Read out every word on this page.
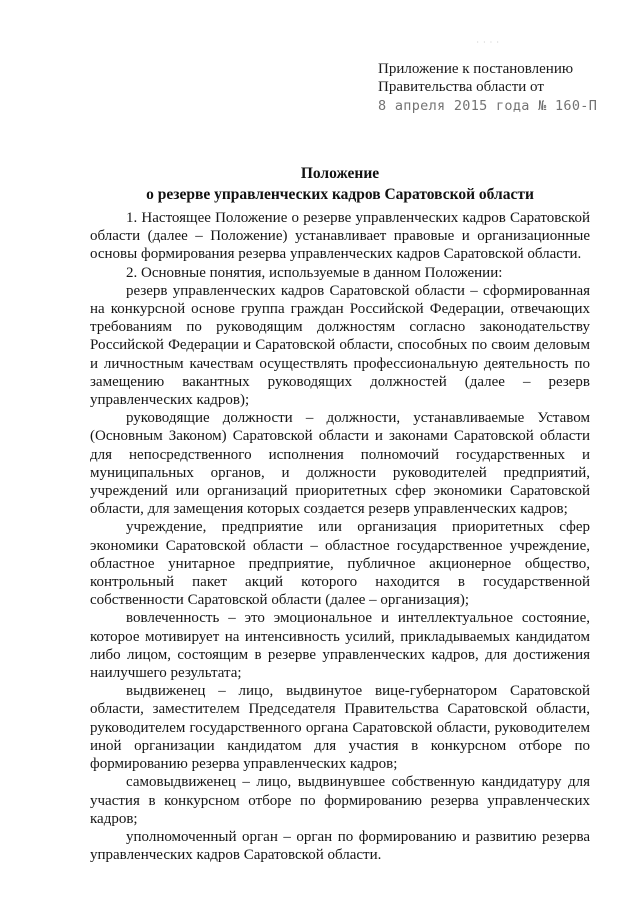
· · · ·
Приложение к постановлению
Правительства области от
8 апреля 2015 года № 160-П
Положение
о резерве управленческих кадров Саратовской области

1. Настоящее Положение о резерве управленческих кадров Саратовской области (далее – Положение) устанавливает правовые и организационные основы формирования резерва управленческих кадров Саратовской области.

2. Основные понятия, используемые в данном Положении:

резерв управленческих кадров Саратовской области – сформированная на конкурсной основе группа граждан Российской Федерации, отвечающих требованиям по руководящим должностям согласно законодательству Российской Федерации и Саратовской области, способных по своим деловым и личностным качествам осуществлять профессиональную деятельность по замещению вакантных руководящих должностей (далее – резерв управленческих кадров);

руководящие должности – должности, устанавливаемые Уставом (Основным Законом) Саратовской области и законами Саратовской области для непосредственного исполнения полномочий государственных и муниципальных органов, и должности руководителей предприятий, учреждений или организаций приоритетных сфер экономики Саратовской области, для замещения которых создается резерв управленческих кадров;

учреждение, предприятие или организация приоритетных сфер экономики Саратовской области – областное государственное учреждение, областное унитарное предприятие, публичное акционерное общество, контрольный пакет акций которого находится в государственной собственности Саратовской области (далее – организация);

вовлеченность – это эмоциональное и интеллектуальное состояние, которое мотивирует на интенсивность усилий, прикладываемых кандидатом либо лицом, состоящим в резерве управленческих кадров, для достижения наилучшего результата;

выдвиженец – лицо, выдвинутое вице-губернатором Саратовской области, заместителем Председателя Правительства Саратовской области, руководителем государственного органа Саратовской области, руководителем иной организации кандидатом для участия в конкурсном отборе по формированию резерва управленческих кадров;

самовыдвиженец – лицо, выдвинувшее собственную кандидатуру для участия в конкурсном отборе по формированию резерва управленческих кадров;

уполномоченный орган – орган по формированию и развитию резерва управленческих кадров Саратовской области.
